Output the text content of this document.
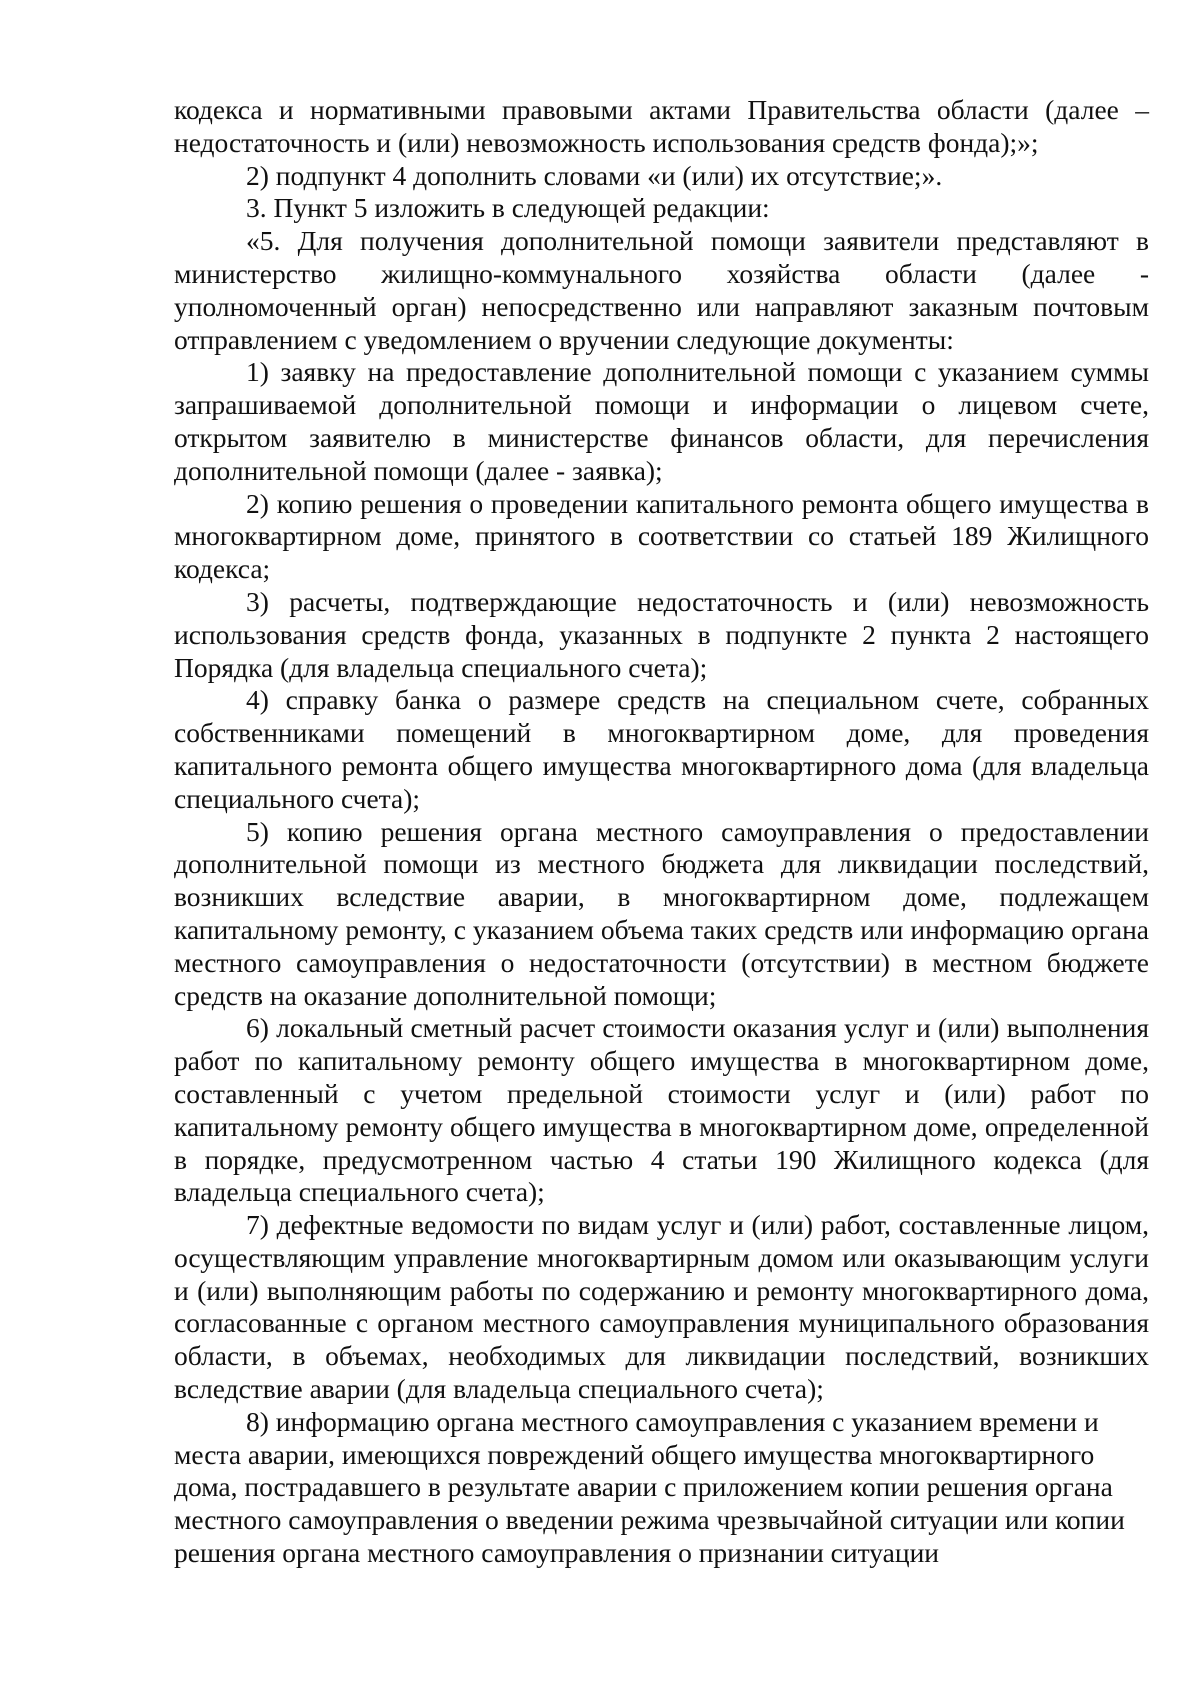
кодекса и нормативными правовыми актами Правительства области (далее – недостаточность и (или) невозможность использования средств фонда);»;

2) подпункт 4 дополнить словами «и (или) их отсутствие;».

3. Пункт 5 изложить в следующей редакции:

«5. Для получения дополнительной помощи заявители представляют в министерство жилищно-коммунального хозяйства области (далее - уполномоченный орган) непосредственно или направляют заказным почтовым отправлением с уведомлением о вручении следующие документы:

1) заявку на предоставление дополнительной помощи с указанием суммы запрашиваемой дополнительной помощи и информации о лицевом счете, открытом заявителю в министерстве финансов области, для перечисления дополнительной помощи (далее - заявка);

2) копию решения о проведении капитального ремонта общего имущества в многоквартирном доме, принятого в соответствии со статьей 189 Жилищного кодекса;

3) расчеты, подтверждающие недостаточность и (или) невозможность использования средств фонда, указанных в подпункте 2 пункта 2 настоящего Порядка (для владельца специального счета);

4) справку банка о размере средств на специальном счете, собранных собственниками помещений в многоквартирном доме, для проведения капитального ремонта общего имущества многоквартирного дома (для владельца специального счета);

5) копию решения органа местного самоуправления о предоставлении дополнительной помощи из местного бюджета для ликвидации последствий, возникших вследствие аварии, в многоквартирном доме, подлежащем капитальному ремонту, с указанием объема таких средств или информацию органа местного самоуправления о недостаточности (отсутствии) в местном бюджете средств на оказание дополнительной помощи;

6) локальный сметный расчет стоимости оказания услуг и (или) выполнения работ по капитальному ремонту общего имущества в многоквартирном доме, составленный с учетом предельной стоимости услуг и (или) работ по капитальному ремонту общего имущества в многоквартирном доме, определенной в порядке, предусмотренном частью 4 статьи 190 Жилищного кодекса (для владельца специального счета);

7) дефектные ведомости по видам услуг и (или) работ, составленные лицом, осуществляющим управление многоквартирным домом или оказывающим услуги и (или) выполняющим работы по содержанию и ремонту многоквартирного дома, согласованные с органом местного самоуправления муниципального образования области, в объемах, необходимых для ликвидации последствий, возникших вследствие аварии (для владельца специального счета);

8) информацию органа местного самоуправления с указанием времени и места аварии, имеющихся повреждений общего имущества многоквартирного дома, пострадавшего в результате аварии с приложением копии решения органа местного самоуправления о введении режима чрезвычайной ситуации или копии решения органа местного самоуправления о признании ситуации
